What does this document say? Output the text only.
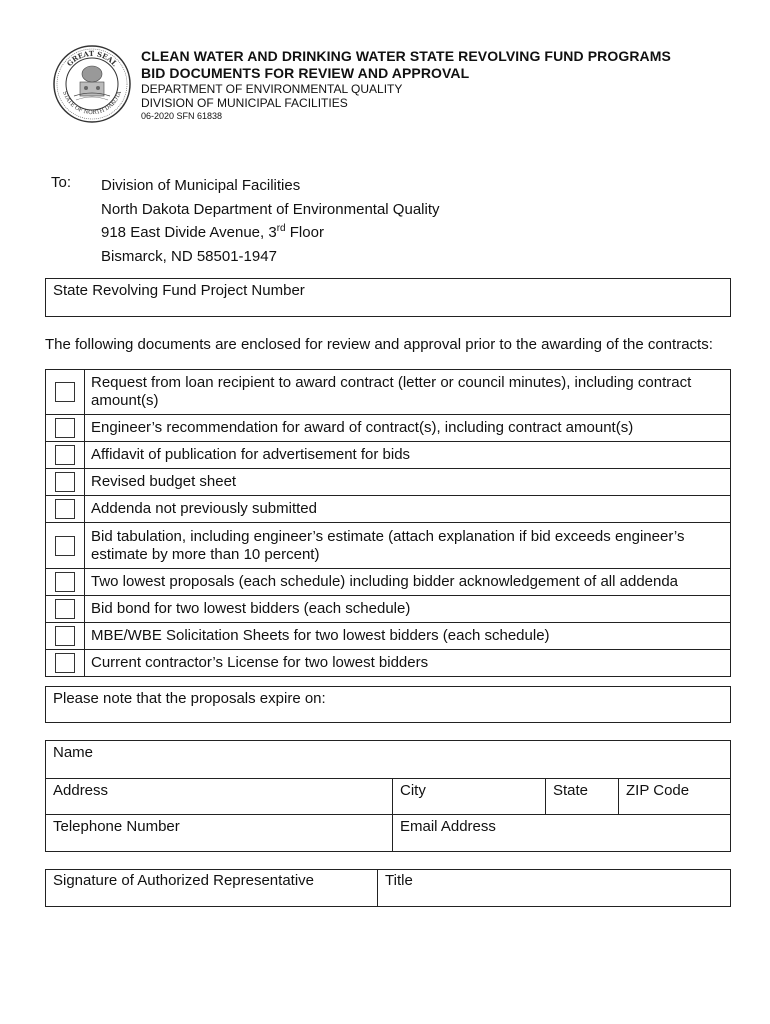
GREAT SEAL
STATE OF NORTH DAKOTA
CLEAN WATER AND DRINKING WATER STATE REVOLVING FUND PROGRAMS
BID DOCUMENTS FOR REVIEW AND APPROVAL
DEPARTMENT OF ENVIRONMENTAL QUALITY
DIVISION OF MUNICIPAL FACILITIES
06-2020 SFN 61838
To: Division of Municipal Facilities
North Dakota Department of Environmental Quality
918 East Divide Avenue, 3rd Floor
Bismarck, ND 58501-1947
State Revolving Fund Project Number
The following documents are enclosed for review and approval prior to the awarding of the contracts:
	Request from loan recipient to award contract (letter or council minutes), including contract amount(s)
	Engineer’s recommendation for award of contract(s), including contract amount(s)
	Affidavit of publication for advertisement for bids
	Revised budget sheet
	Addenda not previously submitted
	Bid tabulation, including engineer’s estimate (attach explanation if bid exceeds engineer’s estimate by more than 10 percent)
	Two lowest proposals (each schedule) including bidder acknowledgement of all addenda
	Bid bond for two lowest bidders (each schedule)
	MBE/WBE Solicitation Sheets for two lowest bidders (each schedule)
	Current contractor’s License for two lowest bidders
Please note that the proposals expire on:
Name			
Address	City	State	ZIP Code
Telephone Number	Email Address		
Signature of Authorized Representative	Title
